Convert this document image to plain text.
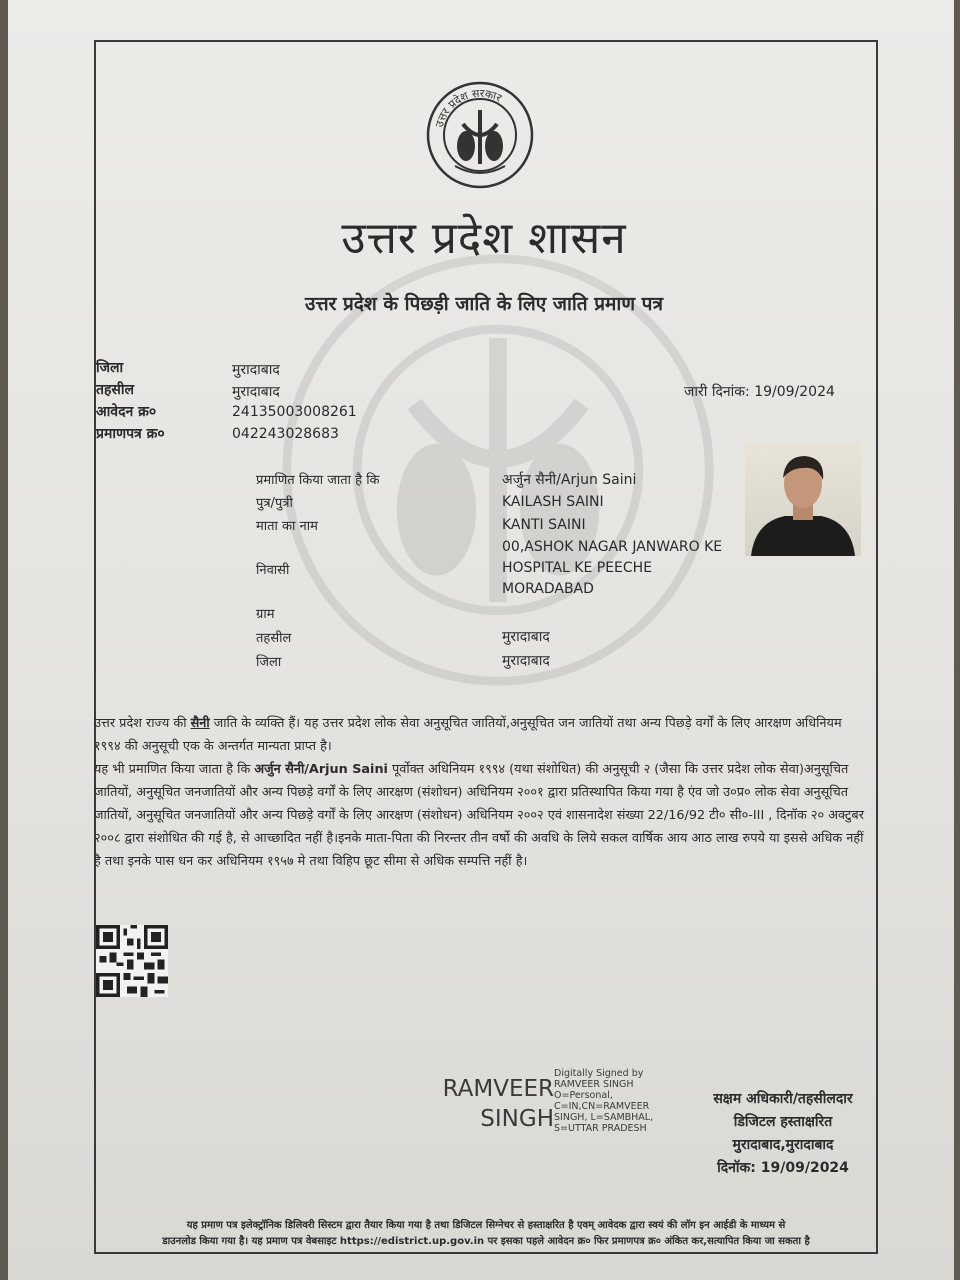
उत्तर प्रदेश सरकार
उत्तर प्रदेश शासन
उत्तर प्रदेश के पिछड़ी जाति के लिए जाति प्रमाण पत्र
जिला	मुरादाबाद
तहसील	मुरादाबाद
आवेदन क्र०	24135003008261
प्रमाणपत्र क्र०	042243028683
जारी दिनांक: 19/09/2024
प्रमाणित किया जाता है कि	अर्जुन सैनी/Arjun Saini
पुत्र/पुत्री	KAILASH SAINI
माता का नाम	KANTI SAINI
00,ASHOK NAGAR JANWARO KE
निवासी	HOSPITAL KE PEECHE
MORADABAD
ग्राम
तहसील	मुरादाबाद
जिला	मुरादाबाद

उत्तर प्रदेश राज्य की सैनी जाति के व्यक्ति हैं। यह उत्तर प्रदेश लोक सेवा अनुसूचित जातियों,अनुसूचित जन जातियों तथा अन्य पिछड़े वर्गों के लिए आरक्षण अधिनियम १९९४ की अनुसूची एक के अन्तर्गत मान्यता प्राप्त है।

यह भी प्रमाणित किया जाता है कि अर्जुन सैनी/Arjun Saini पूर्वोक्त अधिनियम १९९४ (यथा संशोधित) की अनुसूची २ (जैसा कि उत्तर प्रदेश लोक सेवा)अनुसूचित जातियों, अनुसूचित जनजातियों और अन्य पिछड़े वर्गों के लिए आरक्षण (संशोधन) अधिनियम २००१ द्वारा प्रतिस्थापित किया गया है एंव जो उ०प्र० लोक सेवा अनुसूचित जातियों, अनुसूचित जनजातियों और अन्य पिछड़े वर्गों के लिए आरक्षण (संशोधन) अधिनियम २००२ एवं शासनादेश संख्या 22/16/92 टी० सी०-III , दिनॉक २० अक्टुबर २००८ द्वारा संशोधित की गई है, से आच्छादित नहीं है।इनके माता-पिता की निरन्तर तीन वर्षो की अवधि के लिये सकल वार्षिक आय आठ लाख रुपये या इससे अधिक नहीं है तथा इनके पास धन कर अधिनियम १९५७ मे तथा विहिप छूट सीमा से अधिक सम्पत्ति नहीं है।

RAMVEER
SINGH
Digitally Signed by
RAMVEER SINGH
O=Personal,
C=IN,CN=RAMVEER
SINGH, L=SAMBHAL,
S=UTTAR PRADESH
सक्षम अधिकारी/तहसीलदार
डिजिटल हस्ताक्षरित
मुरादाबाद,मुरादाबाद
दिनॉक: 19/09/2024
यह प्रमाण पत्र इलेक्ट्रॉनिक डिलिवरी सिस्टम द्वारा तैयार किया गया है तथा डिजिटल सिग्नेचर से हस्ताक्षरित है एवम् आवेदक द्वारा स्वयं की लॉग इन आईडी के माध्यम से
डाउनलोड किया गया है। यह प्रमाण पत्र वेबसाइट https://edistrict.up.gov.in पर इसका पहले आवेदन क्र० फिर प्रमाणपत्र क्र० अंकित कर,सत्यापित किया जा सकता है
